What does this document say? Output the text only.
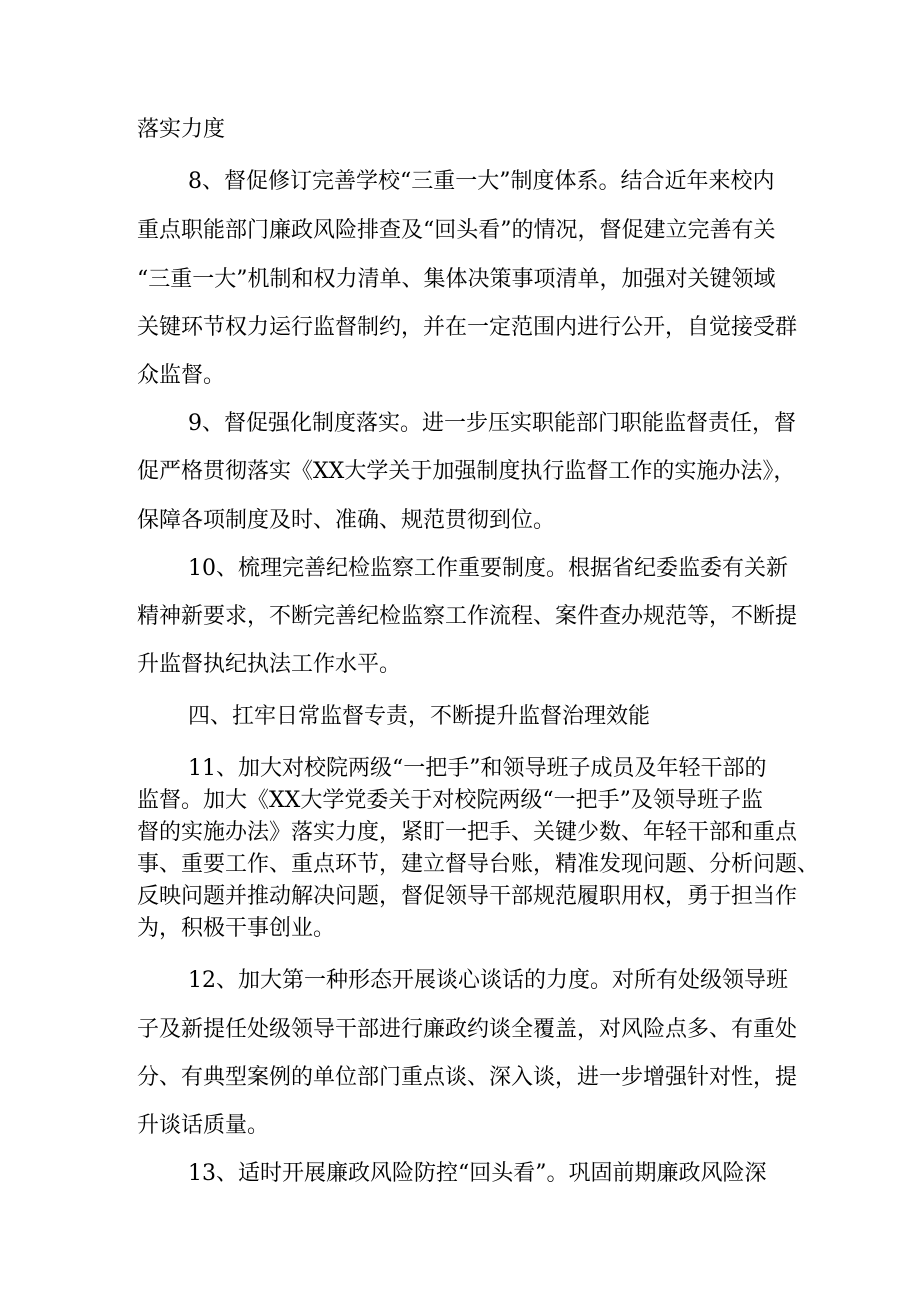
落实力度
8、督促修订完善学校“三重一大”制度体系。结合近年来校内
重点职能部门廉政风险排查及“回头看”的情况，督促建立完善有关
“三重一大”机制和权力清单、集体决策事项清单，加强对关键领域
关键环节权力运行监督制约，并在一定范围内进行公开，自觉接受群
众监督。
9、督促强化制度落实。进一步压实职能部门职能监督责任，督
促严格贯彻落实《XX大学关于加强制度执行监督工作的实施办法》，
保障各项制度及时、准确、规范贯彻到位。
10、梳理完善纪检监察工作重要制度。根据省纪委监委有关新
精神新要求，不断完善纪检监察工作流程、案件查办规范等，不断提
升监督执纪执法工作水平。
四、扛牢日常监督专责，不断提升监督治理效能
11、加大对校院两级“一把手”和领导班子成员及年轻干部的
监督。加大《XX大学党委关于对校院两级“一把手”及领导班子监
督的实施办法》落实力度，紧盯一把手、关键少数、年轻干部和重点
事、重要工作、重点环节，建立督导台账，精准发现问题、分析问题、
反映问题并推动解决问题，督促领导干部规范履职用权，勇于担当作
为，积极干事创业。
12、加大第一种形态开展谈心谈话的力度。对所有处级领导班
子及新提任处级领导干部进行廉政约谈全覆盖，对风险点多、有重处
分、有典型案例的单位部门重点谈、深入谈，进一步增强针对性，提
升谈话质量。
13、适时开展廉政风险防控“回头看”。巩固前期廉政风险深
